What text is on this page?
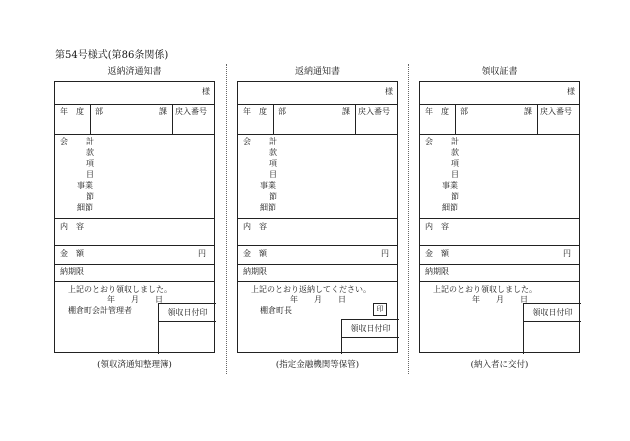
第54号様式(第86条関係)
返納済通知書
様
年　度 部	課 戻入番号
会 計
款
項
目
事業
節
細節
内　容
金　額	円
納期限
上記のとおり領収しました。
年　　月　　日
棚倉町会計管理者	領収日付印
(領収済通知整理簿)
返納通知書
様
年　度 部	課 戻入番号
会 計
款
項
目
事業
節
細節
内　容
金　額	円
納期限
上記のとおり返納してください。
年　　月　　日
棚倉町長	印
領収日付印
(指定金融機関等保管)
領収証書
様
年　度 部	課 戻入番号
会 計
款
項
目
事業
節
細節
内　容
金　額	円
納期限
上記のとおり領収しました。
年　　月　　日
領収日付印
(納入者に交付)
